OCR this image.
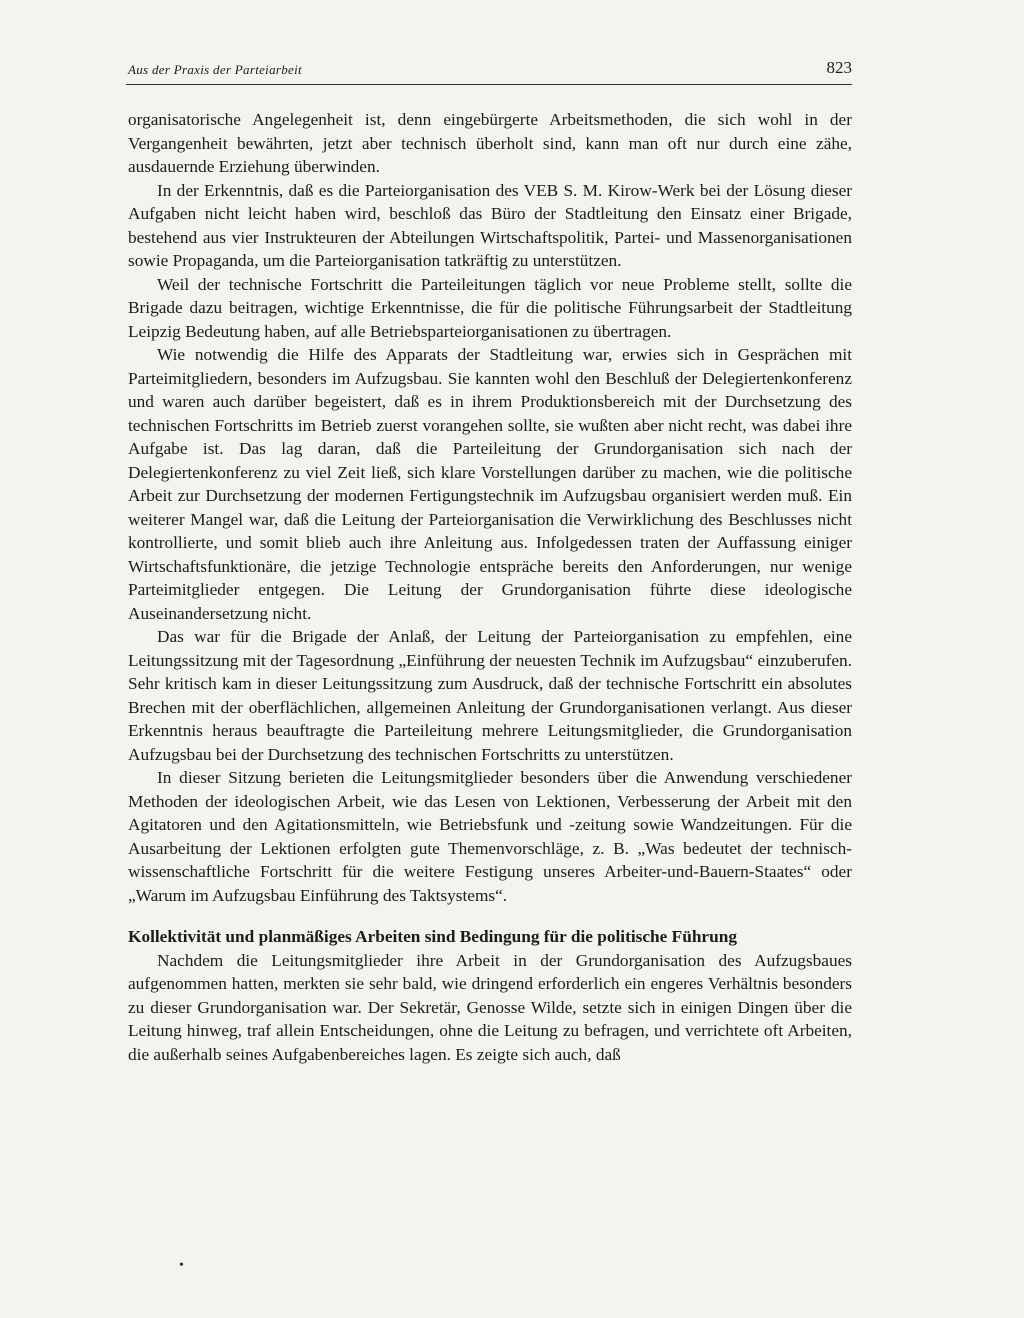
Aus der Praxis der Parteiarbeit	823

organisatorische Angelegenheit ist, denn eingebürgerte Arbeitsmethoden, die sich wohl in der Vergangenheit bewährten, jetzt aber technisch überholt sind, kann man oft nur durch eine zähe, ausdauernde Erziehung überwinden.

In der Erkenntnis, daß es die Parteiorganisation des VEB S. M. Kirow-Werk bei der Lösung dieser Aufgaben nicht leicht haben wird, beschloß das Büro der Stadtleitung den Einsatz einer Brigade, bestehend aus vier Instrukteuren der Abteilungen Wirtschaftspolitik, Partei- und Massenorganisationen sowie Propaganda, um die Parteiorganisation tatkräftig zu unterstützen.

Weil der technische Fortschritt die Parteileitungen täglich vor neue Probleme stellt, sollte die Brigade dazu beitragen, wichtige Erkenntnisse, die für die politische Führungsarbeit der Stadtleitung Leipzig Bedeutung haben, auf alle Betriebsparteiorganisationen zu übertragen.

Wie notwendig die Hilfe des Apparats der Stadtleitung war, erwies sich in Gesprächen mit Parteimitgliedern, besonders im Aufzugsbau. Sie kannten wohl den Beschluß der Delegiertenkonferenz und waren auch darüber begeistert, daß es in ihrem Produktionsbereich mit der Durchsetzung des technischen Fortschritts im Betrieb zuerst vorangehen sollte, sie wußten aber nicht recht, was dabei ihre Aufgabe ist. Das lag daran, daß die Parteileitung der Grundorganisation sich nach der Delegiertenkonferenz zu viel Zeit ließ, sich klare Vorstellungen darüber zu machen, wie die politische Arbeit zur Durchsetzung der modernen Fertigungstechnik im Aufzugsbau organisiert werden muß. Ein weiterer Mangel war, daß die Leitung der Parteiorganisation die Verwirklichung des Beschlusses nicht kontrollierte, und somit blieb auch ihre Anleitung aus. Infolgedessen traten der Auffassung einiger Wirtschaftsfunktionäre, die jetzige Technologie entspräche bereits den Anforderungen, nur wenige Parteimitglieder entgegen. Die Leitung der Grundorganisation führte diese ideologische Auseinandersetzung nicht.

Das war für die Brigade der Anlaß, der Leitung der Parteiorganisation zu empfehlen, eine Leitungssitzung mit der Tagesordnung „Einführung der neuesten Technik im Aufzugsbau“ einzuberufen. Sehr kritisch kam in dieser Leitungssitzung zum Ausdruck, daß der technische Fortschritt ein absolutes Brechen mit der oberflächlichen, allgemeinen Anleitung der Grundorganisationen verlangt. Aus dieser Erkenntnis heraus beauftragte die Parteileitung mehrere Leitungsmitglieder, die Grundorganisation Aufzugsbau bei der Durchsetzung des technischen Fortschritts zu unterstützen.

In dieser Sitzung berieten die Leitungsmitglieder besonders über die Anwendung verschiedener Methoden der ideologischen Arbeit, wie das Lesen von Lektionen, Verbesserung der Arbeit mit den Agitatoren und den Agitationsmitteln, wie Betriebsfunk und -zeitung sowie Wandzeitungen. Für die Ausarbeitung der Lektionen erfolgten gute Themenvorschläge, z. B. „Was bedeutet der technisch-wissenschaftliche Fortschritt für die weitere Festigung unseres Arbeiter-und-Bauern-Staates“ oder „Warum im Aufzugsbau Einführung des Taktsystems“.

Kollektivität und planmäßiges Arbeiten sind Bedingung für die politische Führung

Nachdem die Leitungsmitglieder ihre Arbeit in der Grundorganisation des Aufzugsbaues aufgenommen hatten, merkten sie sehr bald, wie dringend erforderlich ein engeres Verhältnis besonders zu dieser Grundorganisation war. Der Sekretär, Genosse Wilde, setzte sich in einigen Dingen über die Leitung hinweg, traf allein Entscheidungen, ohne die Leitung zu befragen, und verrichtete oft Arbeiten, die außerhalb seines Aufgabenbereiches lagen. Es zeigte sich auch, daß

•
